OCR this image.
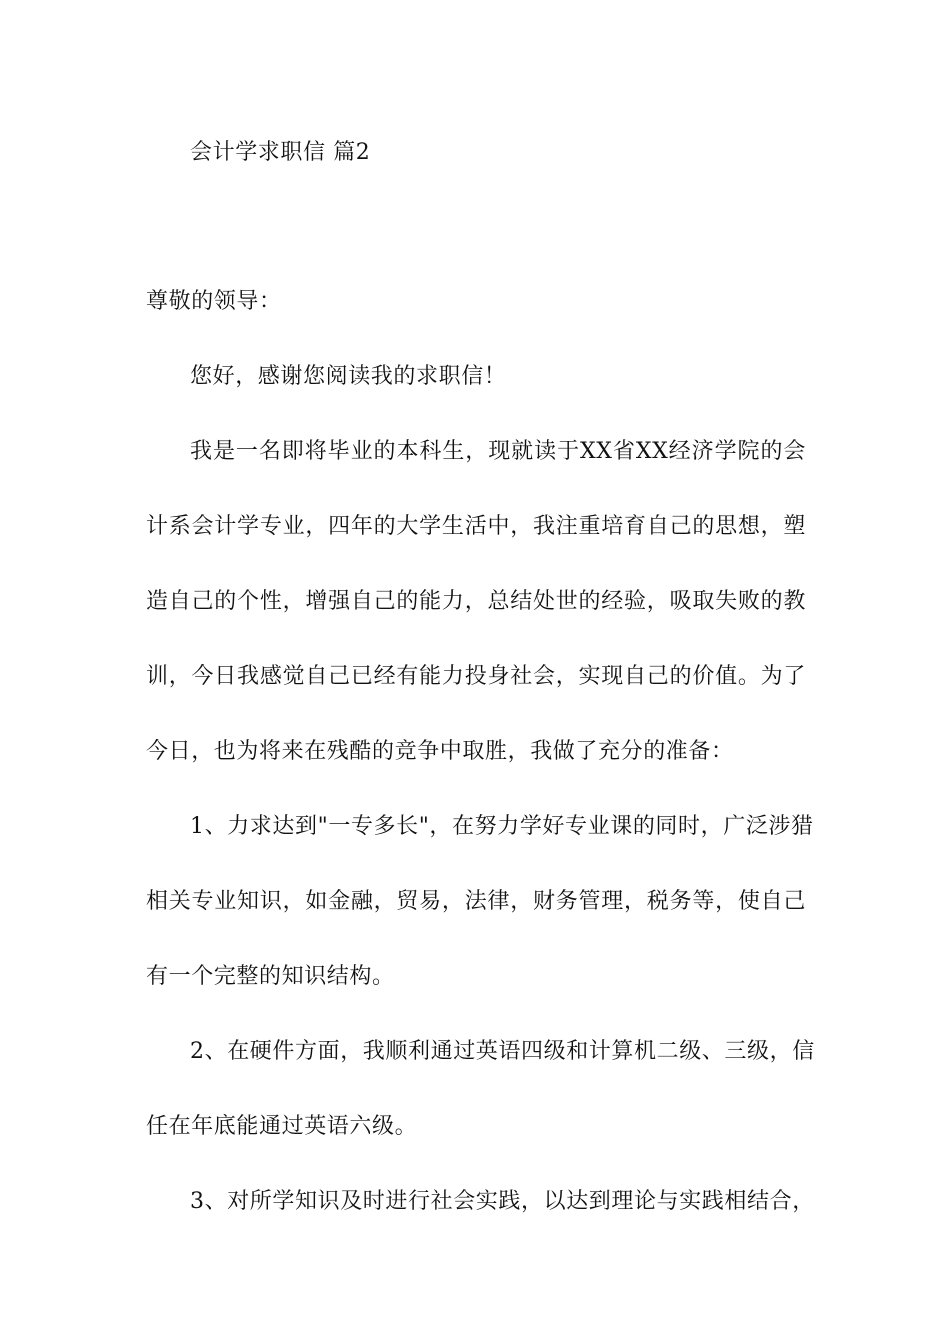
会计学求职信 篇2
尊敬的领导：
您好，感谢您阅读我的求职信！
我是一名即将毕业的本科生，现就读于XX省XX经济学院的会
计系会计学专业，四年的大学生活中，我注重培育自己的思想，塑
造自己的个性，增强自己的能力，总结处世的经验，吸取失败的教
训，今日我感觉自己已经有能力投身社会，实现自己的价值。为了
今日，也为将来在残酷的竞争中取胜，我做了充分的准备：
1、力求达到"一专多长"，在努力学好专业课的同时，广泛涉猎
相关专业知识，如金融，贸易，法律，财务管理，税务等，使自己
有一个完整的知识结构。
2、在硬件方面，我顺利通过英语四级和计算机二级、三级，信
任在年底能通过英语六级。
3、对所学知识及时进行社会实践，以达到理论与实践相结合，
